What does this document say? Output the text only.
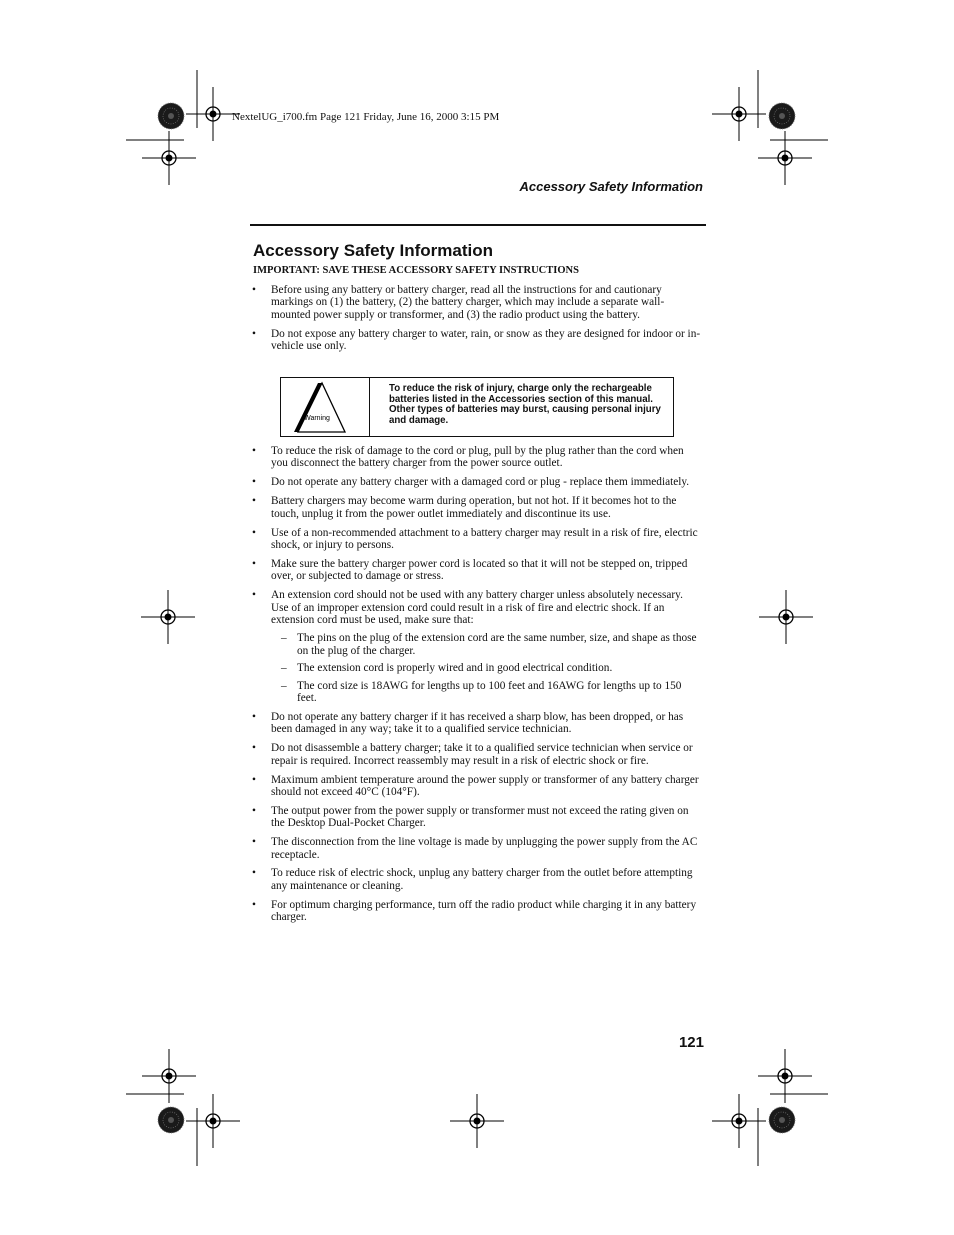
NextelUG_i700.fm Page 121 Friday, June 16, 2000 3:15 PM
Accessory Safety Information
Accessory Safety Information
IMPORTANT: SAVE THESE ACCESSORY SAFETY INSTRUCTIONS
• Before using any battery or battery charger, read all the instructions for and cautionary markings on (1) the battery, (2) the battery charger, which may include a separate wall-mounted power supply or transformer, and (3) the radio product using the battery.
• Do not expose any battery charger to water, rain, or snow as they are designed for indoor or in-vehicle use only.
Warning
To reduce the risk of injury, charge only the rechargeable batteries listed in the Accessories section of this manual. Other types of batteries may burst, causing personal injury and damage.
• To reduce the risk of damage to the cord or plug, pull by the plug rather than the cord when you disconnect the battery charger from the power source outlet.
• Do not operate any battery charger with a damaged cord or plug - replace them immediately.
• Battery chargers may become warm during operation, but not hot. If it becomes hot to the touch, unplug it from the power outlet immediately and discontinue its use.
• Use of a non-recommended attachment to a battery charger may result in a risk of fire, electric shock, or injury to persons.
• Make sure the battery charger power cord is located so that it will not be stepped on, tripped over, or subjected to damage or stress.
• An extension cord should not be used with any battery charger unless absolutely necessary. Use of an improper extension cord could result in a risk of fire and electric shock. If an extension cord must be used, make sure that:
– The pins on the plug of the extension cord are the same number, size, and shape as those on the plug of the charger.
– The extension cord is properly wired and in good electrical condition.
– The cord size is 18AWG for lengths up to 100 feet and 16AWG for lengths up to 150 feet.
• Do not operate any battery charger if it has received a sharp blow, has been dropped, or has been damaged in any way; take it to a qualified service technician.
• Do not disassemble a battery charger; take it to a qualified service technician when service or repair is required. Incorrect reassembly may result in a risk of electric shock or fire.
• Maximum ambient temperature around the power supply or transformer of any battery charger should not exceed 40°C (104°F).
• The output power from the power supply or transformer must not exceed the rating given on the Desktop Dual-Pocket Charger.
• The disconnection from the line voltage is made by unplugging the power supply from the AC receptacle.
• To reduce risk of electric shock, unplug any battery charger from the outlet before attempting any maintenance or cleaning.
• For optimum charging performance, turn off the radio product while charging it in any battery charger.
121
